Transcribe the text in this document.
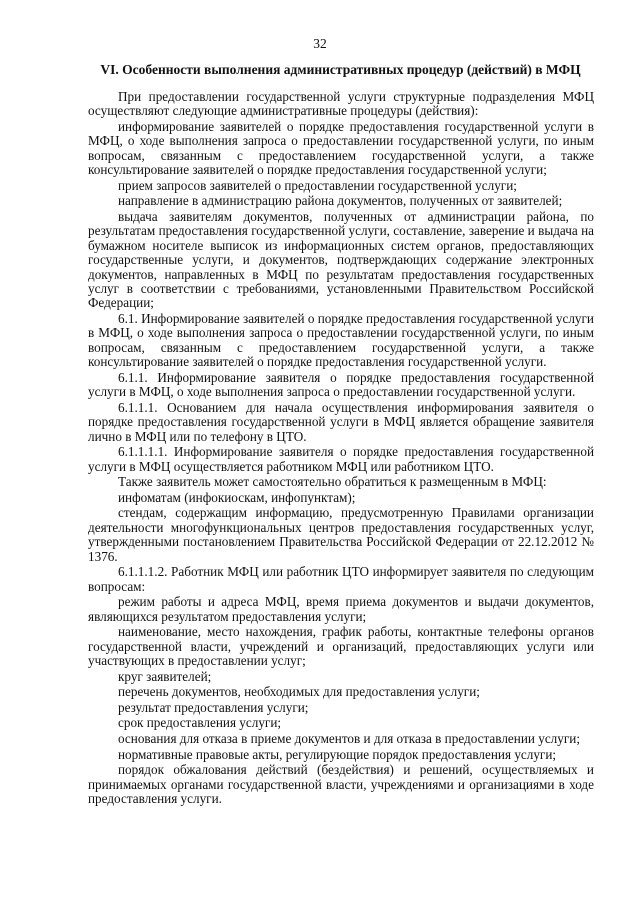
32
VI. Особенности выполнения административных процедур (действий) в МФЦ

При предоставлении государственной услуги структурные подразделения МФЦ осуществляют следующие административные процедуры (действия):

информирование заявителей о порядке предоставления государственной услуги в МФЦ, о ходе выполнения запроса о предоставлении государственной услуги, по иным вопросам, связанным с предоставлением государственной услуги, а также консультирование заявителей о порядке предоставления государственной услуги;

прием запросов заявителей о предоставлении государственной услуги;

направление в администрацию района документов, полученных от заявителей;

выдача заявителям документов, полученных от администрации района, по результатам предоставления государственной услуги, составление, заверение и выдача на бумажном носителе выписок из информационных систем органов, предоставляющих государственные услуги, и документов, подтверждающих содержание электронных документов, направленных в МФЦ по результатам предоставления государственных услуг в соответствии с требованиями, установленными Правительством Российской Федерации;

6.1. Информирование заявителей о порядке предоставления государственной услуги в МФЦ, о ходе выполнения запроса о предоставлении государственной услуги, по иным вопросам, связанным с предоставлением государственной услуги, а также консультирование заявителей о порядке предоставления государственной услуги.

6.1.1. Информирование заявителя о порядке предоставления государственной услуги в МФЦ, о ходе выполнения запроса о предоставлении государственной услуги.

6.1.1.1. Основанием для начала осуществления информирования заявителя о порядке предоставления государственной услуги в МФЦ является обращение заявителя лично в МФЦ или по телефону в ЦТО.

6.1.1.1.1. Информирование заявителя о порядке предоставления государственной услуги в МФЦ осуществляется работником МФЦ или работником ЦТО.

Также заявитель может самостоятельно обратиться к размещенным в МФЦ:

инфоматам (инфокиоскам, инфопунктам);

стендам, содержащим информацию, предусмотренную Правилами организации деятельности многофункциональных центров предоставления государственных услуг, утвержденными постановлением Правительства Российской Федерации от 22.12.2012 № 1376.

6.1.1.1.2. Работник МФЦ или работник ЦТО информирует заявителя по следующим вопросам:

режим работы и адреса МФЦ, время приема документов и выдачи документов, являющихся результатом предоставления услуги;

наименование, место нахождения, график работы, контактные телефоны органов государственной власти, учреждений и организаций, предоставляющих услуги или участвующих в предоставлении услуг;

круг заявителей;

перечень документов, необходимых для предоставления услуги;

результат предоставления услуги;

срок предоставления услуги;

основания для отказа в приеме документов и для отказа в предоставлении услуги;

нормативные правовые акты, регулирующие порядок предоставления услуги;

порядок обжалования действий (бездействия) и решений, осуществляемых и принимаемых органами государственной власти, учреждениями и организациями в ходе предоставления услуги.
